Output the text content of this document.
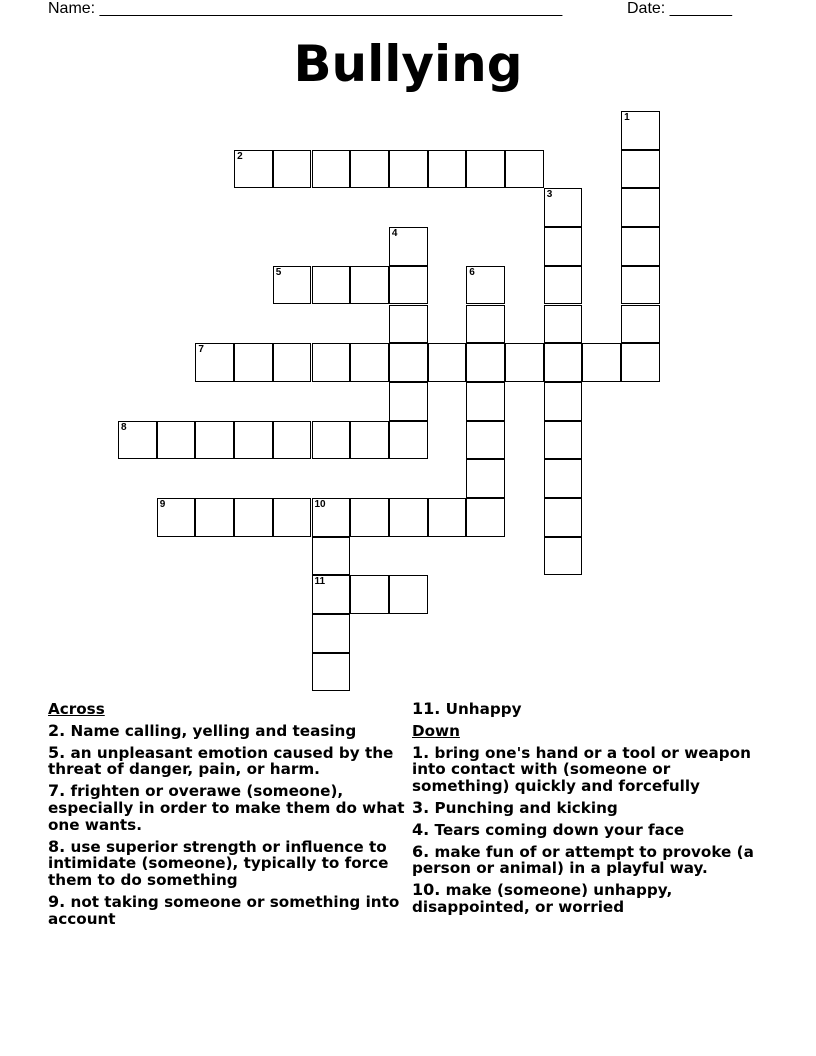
Name: ____________________________________________________	Date: _______
Bullying
1
2
3
4
5	6
7
8
9	10
11
Across
2. Name calling, yelling and teasing
5. an unpleasant emotion caused by the threat of danger, pain, or harm.
7. frighten or overawe (someone), especially in order to make them do what one wants.
8. use superior strength or influence to intimidate (someone), typically to force them to do something
9. not taking someone or something into account
11. Unhappy
Down
1. bring one's hand or a tool or weapon into contact with (someone or something) quickly and forcefully
3. Punching and kicking
4. Tears coming down your face
6. make fun of or attempt to provoke (a person or animal) in a playful way.
10. make (someone) unhappy, disappointed, or worried
